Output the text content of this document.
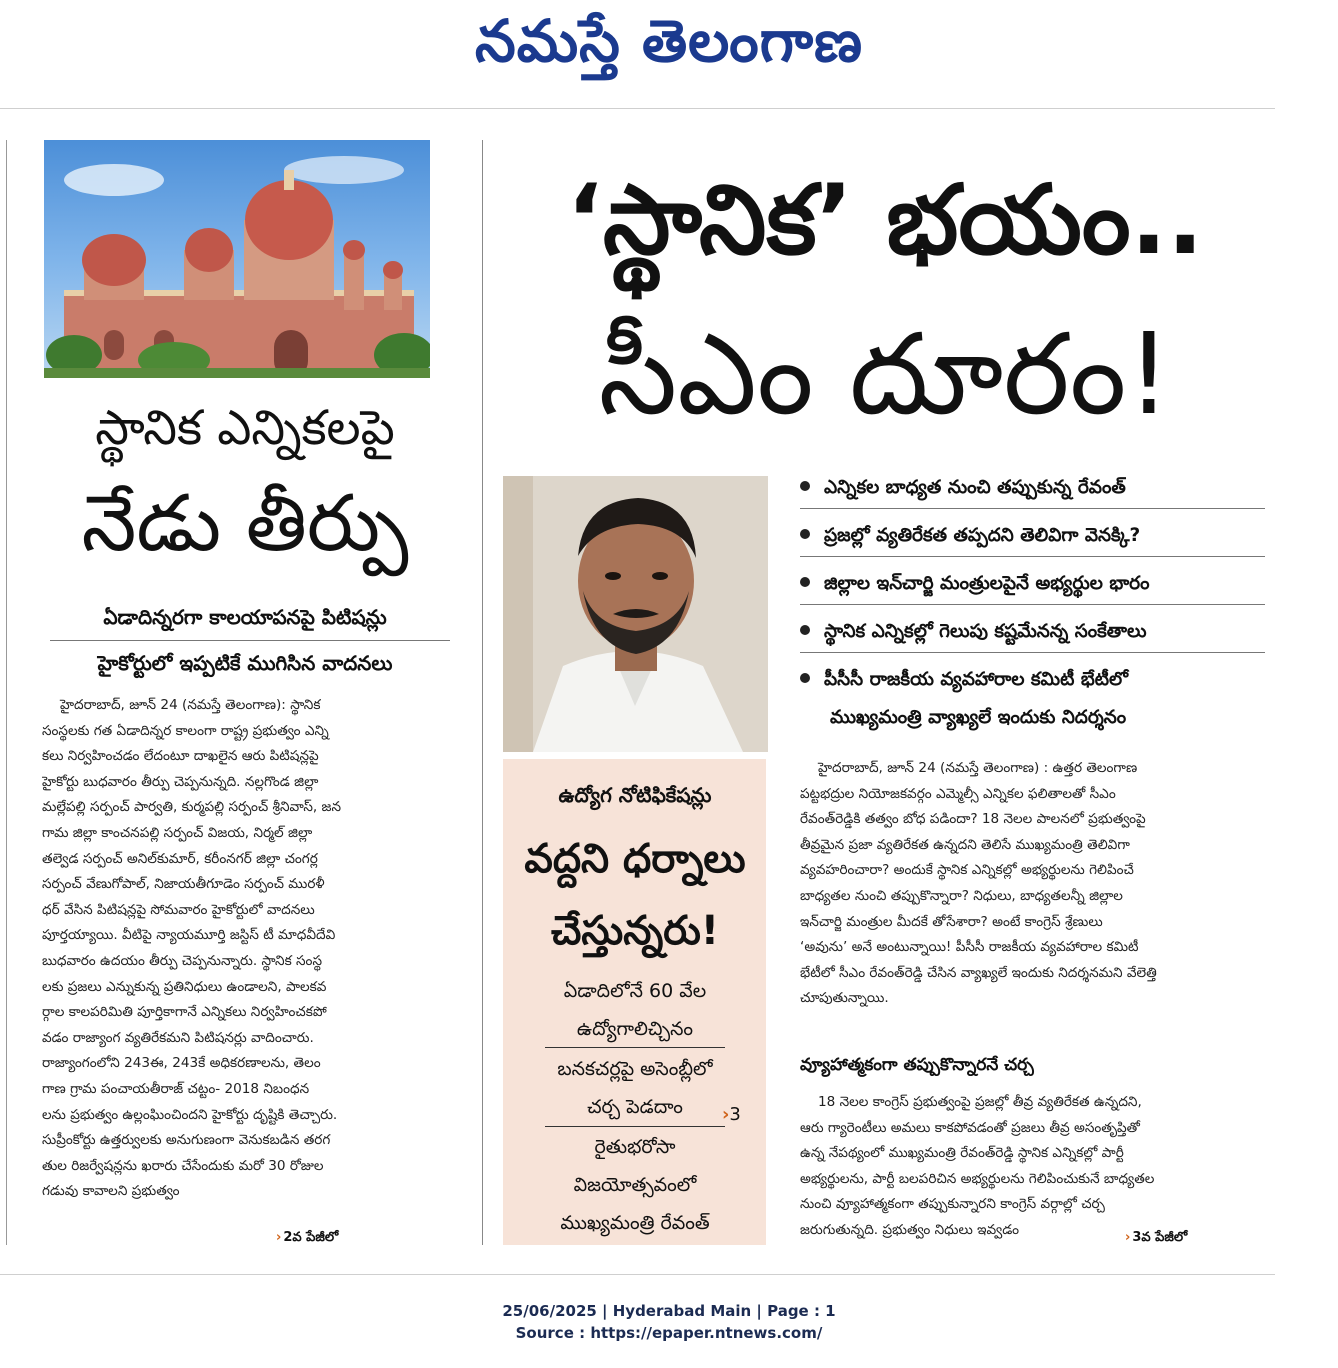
నమస్తే తెలంగాణ
స్థానిక ఎన్నికలపై
నేడు తీర్పు
ఏడాదిన్నరగా కాలయాపనపై పిటిషన్లు
హైకోర్టులో ఇప్పటికే ముగిసిన వాదనలు
హైదరాబాద్, జూన్ 24 (నమస్తే తెలంగాణ): స్థానిక
సంస్థలకు గత ఏడాదిన్నర కాలంగా రాష్ట్ర ప్రభుత్వం ఎన్ని
కలు నిర్వహించడం లేదంటూ దాఖలైన ఆరు పిటిషన్లపై
హైకోర్టు బుధవారం తీర్పు చెప్పనున్నది. నల్లగొండ జిల్లా
మల్లేపల్లి సర్పంచ్ పార్వతి, కుర్మపల్లి సర్పంచ్ శ్రీనివాస్, జన
గామ జిల్లా కాంచనపల్లి సర్పంచ్ విజయ, నిర్మల్ జిల్లా
తల్వెడ సర్పంచ్ అనిల్‌కుమార్, కరీంనగర్ జిల్లా చంగర్ల
సర్పంచ్ వేణుగోపాల్, నిజాయతీగూడెం సర్పంచ్ మురళీ
ధర్ వేసిన పిటిషన్లపై సోమవారం హైకోర్టులో వాదనలు
పూర్తయ్యాయి. వీటిపై న్యాయమూర్తి జస్టిస్ టీ మాధవీదేవి
బుధవారం ఉదయం తీర్పు చెప్పనున్నారు. స్థానిక సంస్థ
లకు ప్రజలు ఎన్నుకున్న ప్రతినిధులు ఉండాలని, పాలకవ
ర్గాల కాలపరిమితి పూర్తికాగానే ఎన్నికలు నిర్వహించకపో
వడం రాజ్యాంగ వ్యతిరేకమని పిటిషనర్లు వాదించారు.
రాజ్యాంగంలోని 243ఈ, 243కే అధికరణాలను, తెలం
గాణ గ్రామ పంచాయతీరాజ్ చట్టం- 2018 నిబంధన
లను ప్రభుత్వం ఉల్లంఘించిందని హైకోర్టు దృష్టికి తెచ్చారు.
సుప్రీంకోర్టు ఉత్తర్వులకు అనుగుణంగా వెనుకబడిన తరగ
తుల రిజర్వేషన్లను ఖరారు చేసేందుకు మరో 30 రోజుల
గడువు కావాలని ప్రభుత్వం
› 2వ పేజీలో
‘స్థానిక’ భయం..
సీఎం దూరం!
ఉద్యోగ నోటిఫికేషన్లు
వద్దని ధర్నాలు
చేస్తున్నరు!
ఏడాదిలోనే 60 వేల
ఉద్యోగాలిచ్చినం
బనకచర్లపై అసెంబ్లీలో
చర్చ పెడదాం	›3
రైతుభరోసా
విజయోత్సవంలో
ముఖ్యమంత్రి రేవంత్
ఎన్నికల బాధ్యత నుంచి తప్పుకున్న రేవంత్
ప్రజల్లో వ్యతిరేకత తప్పదని తెలివిగా వెనక్కి?
జిల్లాల ఇన్‌చార్జి మంత్రులపైనే అభ్యర్థుల భారం
స్థానిక ఎన్నికల్లో గెలుపు కష్టమేనన్న సంకేతాలు
పీసీసీ రాజకీయ వ్యవహారాల కమిటీ భేటీలో
ముఖ్యమంత్రి వ్యాఖ్యలే ఇందుకు నిదర్శనం
హైదరాబాద్, జూన్ 24 (నమస్తే తెలంగాణ) : ఉత్తర తెలంగాణ
పట్టభద్రుల నియోజకవర్గం ఎమ్మెల్సీ ఎన్నికల ఫలితాలతో సీఎం
రేవంత్‌రెడ్డికి తత్వం బోధ పడిందా? 18 నెలల పాలనలో ప్రభుత్వంపై
తీవ్రమైన ప్రజా వ్యతిరేకత ఉన్నదని తెలిసే ముఖ్యమంత్రి తెలివిగా
వ్యవహరించారా? అందుకే స్థానిక ఎన్నికల్లో అభ్యర్థులను గెలిపించే
బాధ్యతల నుంచి తప్పుకొన్నారా? నిధులు, బాధ్యతలన్నీ జిల్లాల
ఇన్‌చార్జి మంత్రుల మీదకే తోసేశారా? అంటే కాంగ్రెస్ శ్రేణులు
‘అవును’ అనే అంటున్నాయి! పీసీసీ రాజకీయ వ్యవహారాల కమిటీ
భేటీలో సీఎం రేవంత్‌రెడ్డి చేసిన వ్యాఖ్యలే ఇందుకు నిదర్శనమని వేలెత్తి
చూపుతున్నాయి.
వ్యూహాత్మకంగా తప్పుకొన్నారనే చర్చ
18 నెలల కాంగ్రెస్ ప్రభుత్వంపై ప్రజల్లో తీవ్ర వ్యతిరేకత ఉన్నదని,
ఆరు గ్యారెంటీలు అమలు కాకపోవడంతో ప్రజలు తీవ్ర అసంతృప్తితో
ఉన్న నేపథ్యంలో ముఖ్యమంత్రి రేవంత్‌రెడ్డి స్థానిక ఎన్నికల్లో పార్టీ
అభ్యర్థులను, పార్టీ బలపరిచిన అభ్యర్థులను గెలిపించుకునే బాధ్యతల
నుంచి వ్యూహాత్మకంగా తప్పుకున్నారని కాంగ్రెస్ వర్గాల్లో చర్చ
జరుగుతున్నది. ప్రభుత్వం నిధులు ఇవ్వడం	› 3వ పేజీలో
25/06/2025 | Hyderabad Main | Page : 1
Source : https://epaper.ntnews.com/
